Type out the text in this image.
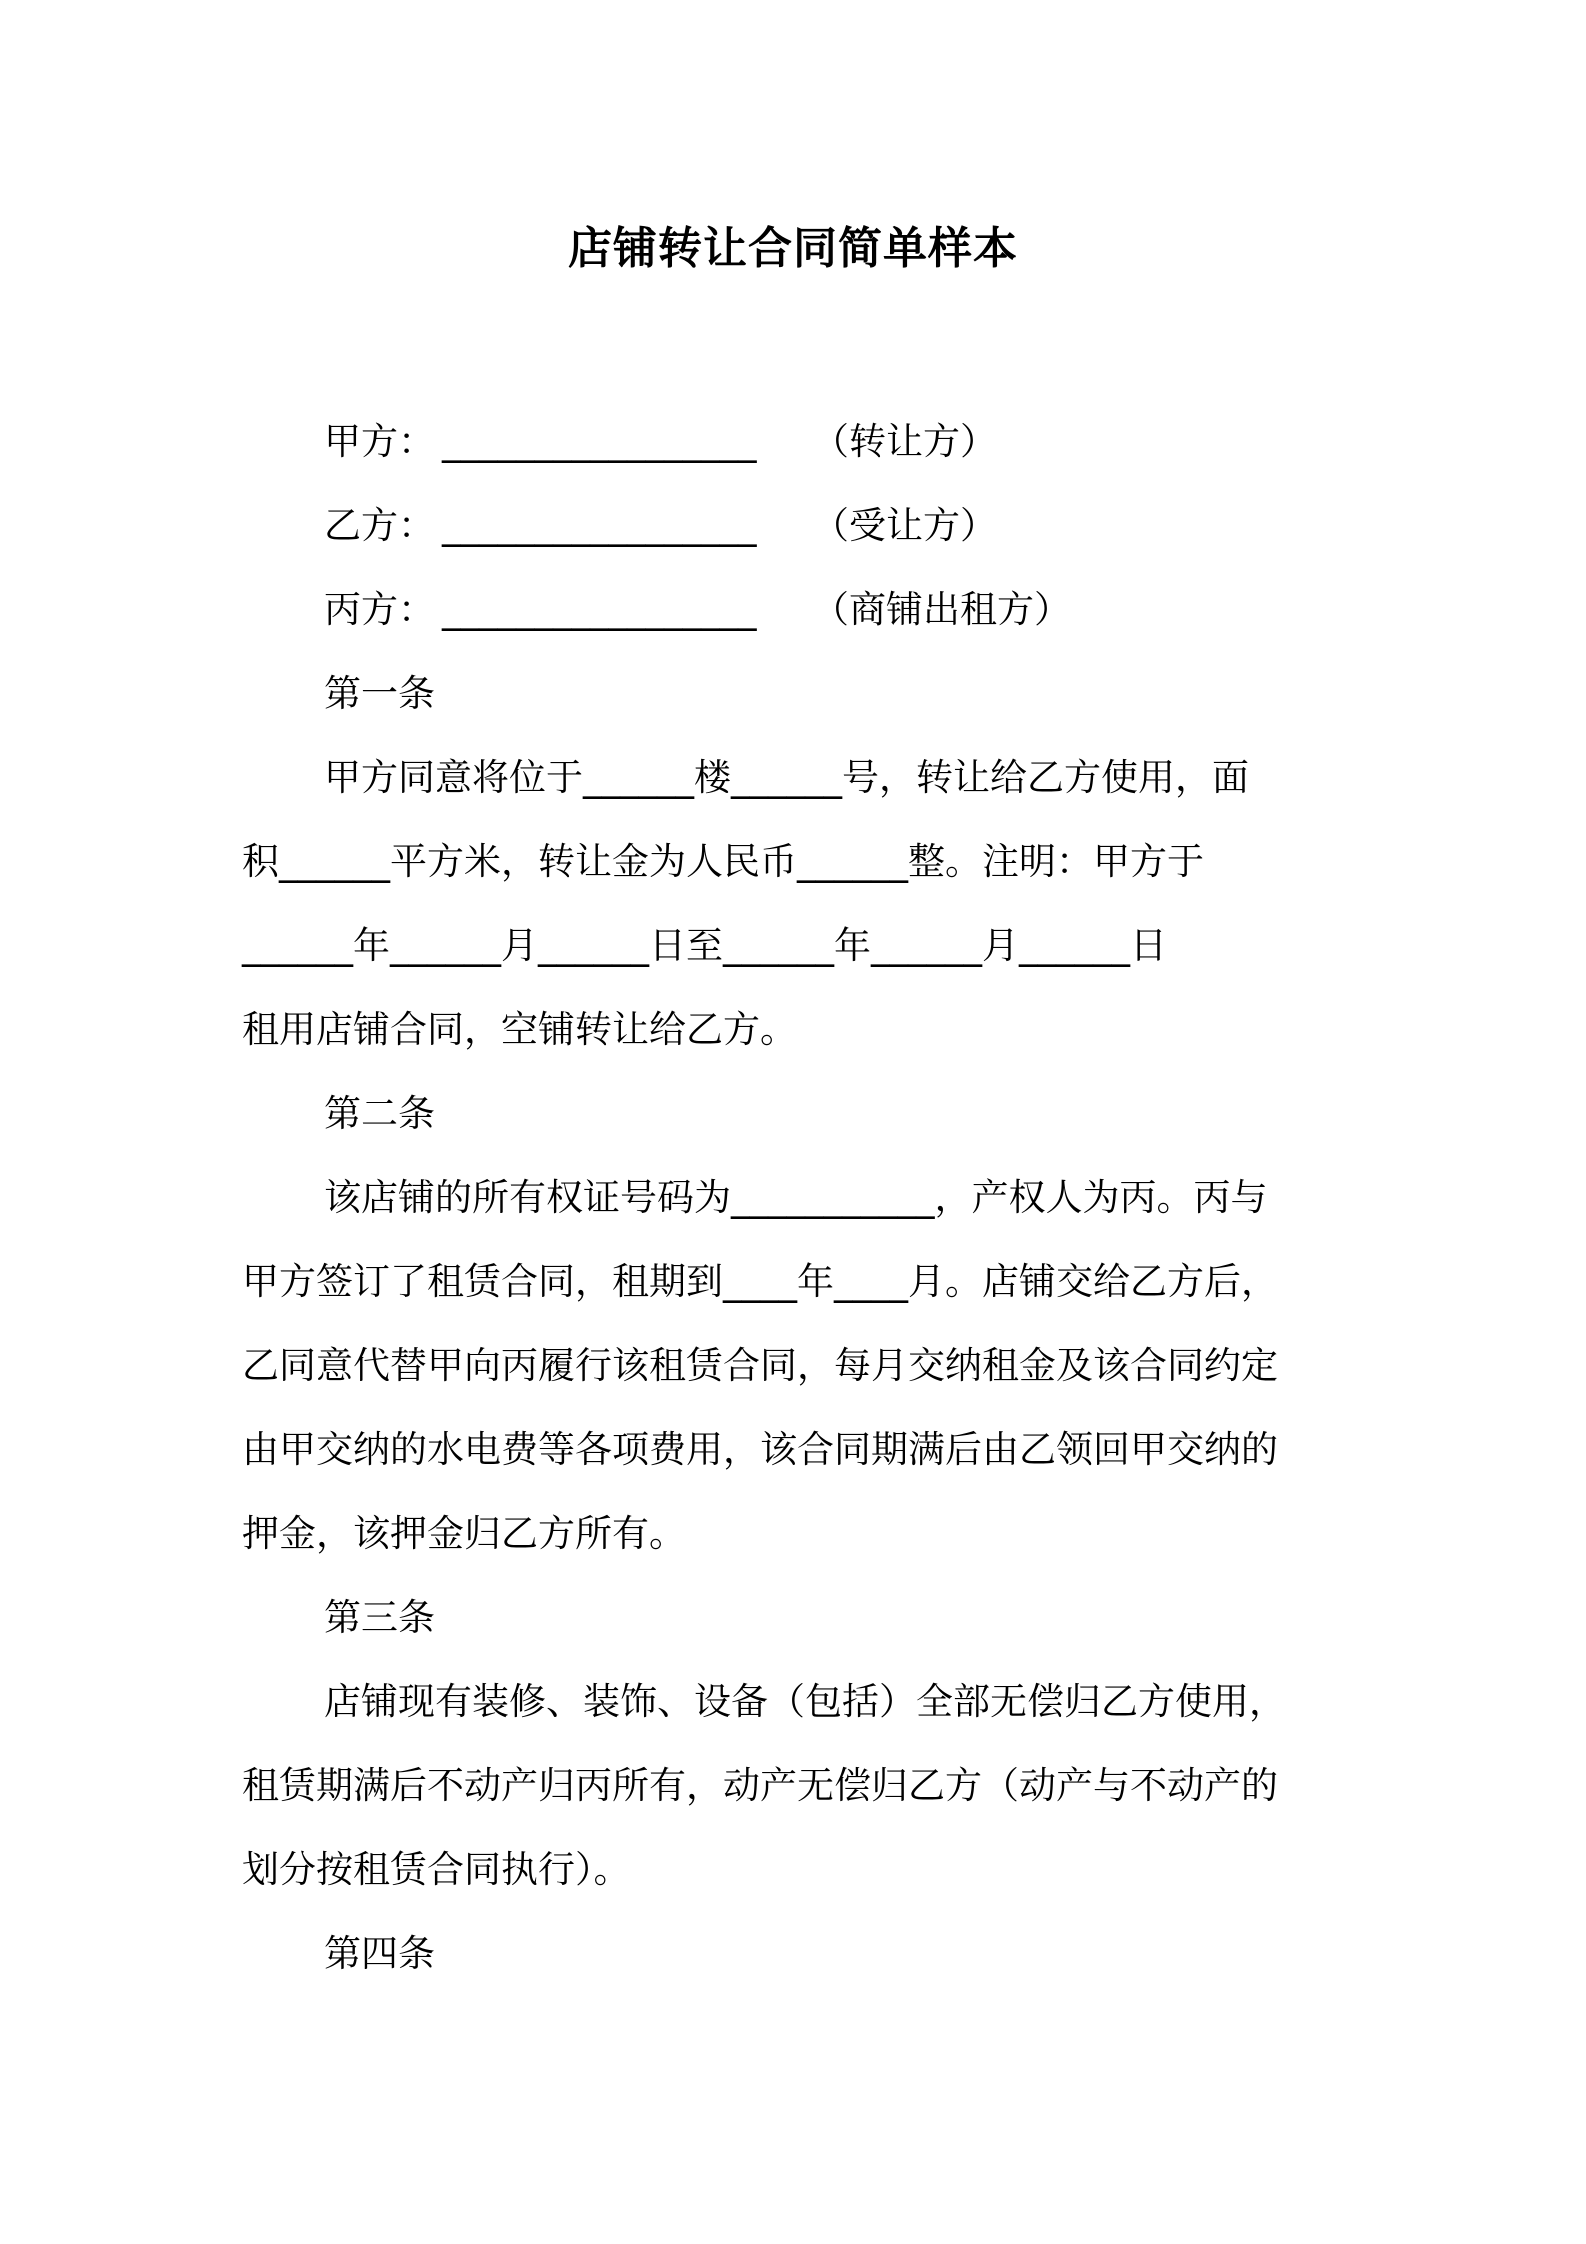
店铺转让合同简单样本
甲方： _________________ （转让方）
乙方： _________________ （受让方）
丙方： _________________ （商铺出租方）
第一条
甲方同意将位于______楼______号，转让给乙方使用，面
积______平方米，转让金为人民币______整。注明：甲方于
______年______月______日至______年______月______日
租用店铺合同，空铺转让给乙方。
第二条
该店铺的所有权证号码为___________，产权人为丙。丙与
甲方签订了租赁合同，租期到____年____月。店铺交给乙方后，
乙同意代替甲向丙履行该租赁合同，每月交纳租金及该合同约定
由甲交纳的水电费等各项费用，该合同期满后由乙领回甲交纳的
押金，该押金归乙方所有。
第三条
店铺现有装修、装饰、设备（包括）全部无偿归乙方使用，
租赁期满后不动产归丙所有，动产无偿归乙方（动产与不动产的
划分按租赁合同执行）。
第四条
